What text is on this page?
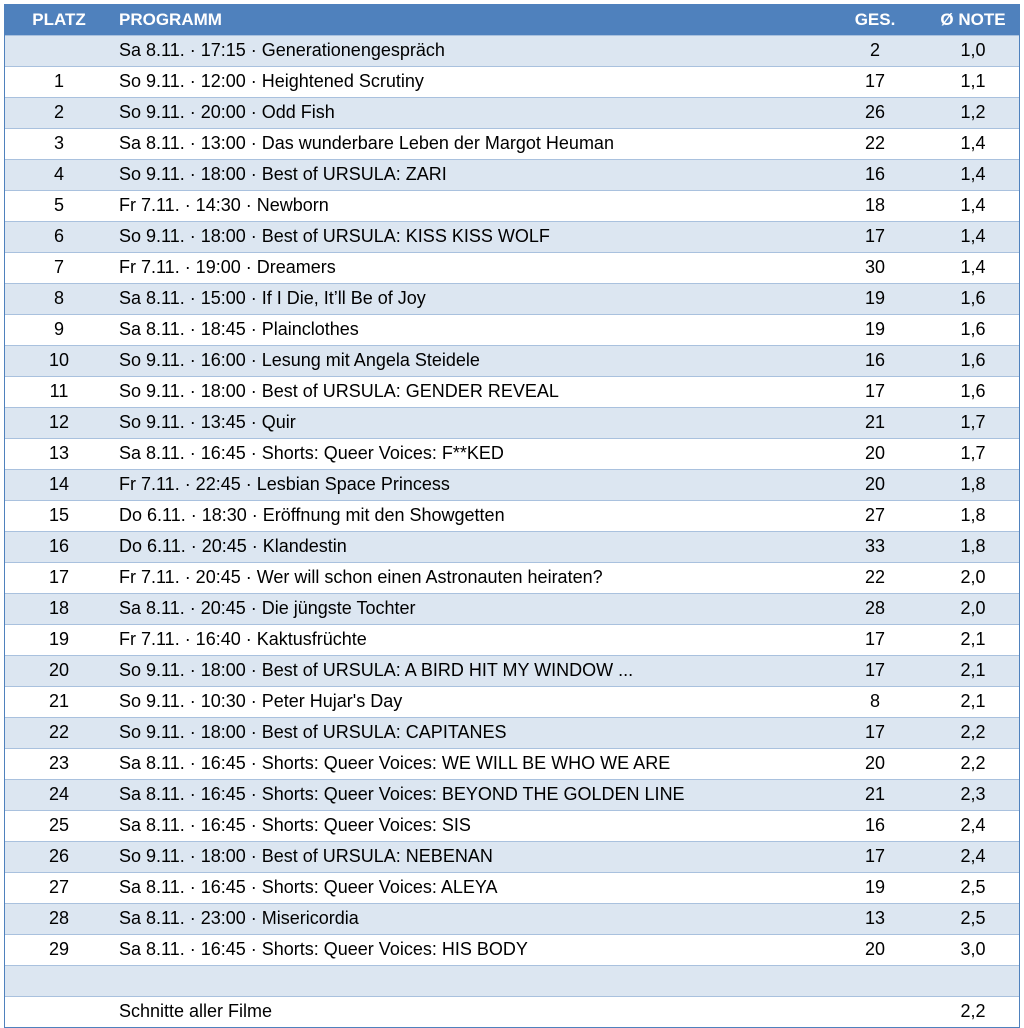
PLATZ	PROGRAMM	GES.	Ø NOTE
	Sa 8.11. · 17:15 · Generationengespräch	2	1,0
1	So 9.11. · 12:00 · Heightened Scrutiny	17	1,1
2	So 9.11. · 20:00 · Odd Fish	26	1,2
3	Sa 8.11. · 13:00 · Das wunderbare Leben der Margot Heuman	22	1,4
4	So 9.11. · 18:00 · Best of URSULA: ZARI	16	1,4
5	Fr 7.11. · 14:30 · Newborn	18	1,4
6	So 9.11. · 18:00 · Best of URSULA: KISS KISS WOLF	17	1,4
7	Fr 7.11. · 19:00 · Dreamers	30	1,4
8	Sa 8.11. · 15:00 · If I Die, It’ll Be of Joy	19	1,6
9	Sa 8.11. · 18:45 · Plainclothes	19	1,6
10	So 9.11. · 16:00 · Lesung mit Angela Steidele	16	1,6
11	So 9.11. · 18:00 · Best of URSULA: GENDER REVEAL	17	1,6
12	So 9.11. · 13:45 · Quir	21	1,7
13	Sa 8.11. · 16:45 · Shorts: Queer Voices: F**KED	20	1,7
14	Fr 7.11. · 22:45 · Lesbian Space Princess	20	1,8
15	Do 6.11. · 18:30 · Eröffnung mit den Showgetten	27	1,8
16	Do 6.11. · 20:45 · Klandestin	33	1,8
17	Fr 7.11. · 20:45 · Wer will schon einen Astronauten heiraten?	22	2,0
18	Sa 8.11. · 20:45 · Die jüngste Tochter	28	2,0
19	Fr 7.11. · 16:40 · Kaktusfrüchte	17	2,1
20	So 9.11. · 18:00 · Best of URSULA: A BIRD HIT MY WINDOW ...	17	2,1
21	So 9.11. · 10:30 · Peter Hujar's Day	8	2,1
22	So 9.11. · 18:00 · Best of URSULA: CAPITANES	17	2,2
23	Sa 8.11. · 16:45 · Shorts: Queer Voices: WE WILL BE WHO WE ARE	20	2,2
24	Sa 8.11. · 16:45 · Shorts: Queer Voices: BEYOND THE GOLDEN LINE	21	2,3
25	Sa 8.11. · 16:45 · Shorts: Queer Voices: SIS	16	2,4
26	So 9.11. · 18:00 · Best of URSULA: NEBENAN	17	2,4
27	Sa 8.11. · 16:45 · Shorts: Queer Voices: ALEYA	19	2,5
28	Sa 8.11. · 23:00 · Misericordia	13	2,5
29	Sa 8.11. · 16:45 · Shorts: Queer Voices: HIS BODY	20	3,0

	Schnitte aller Filme		2,2
